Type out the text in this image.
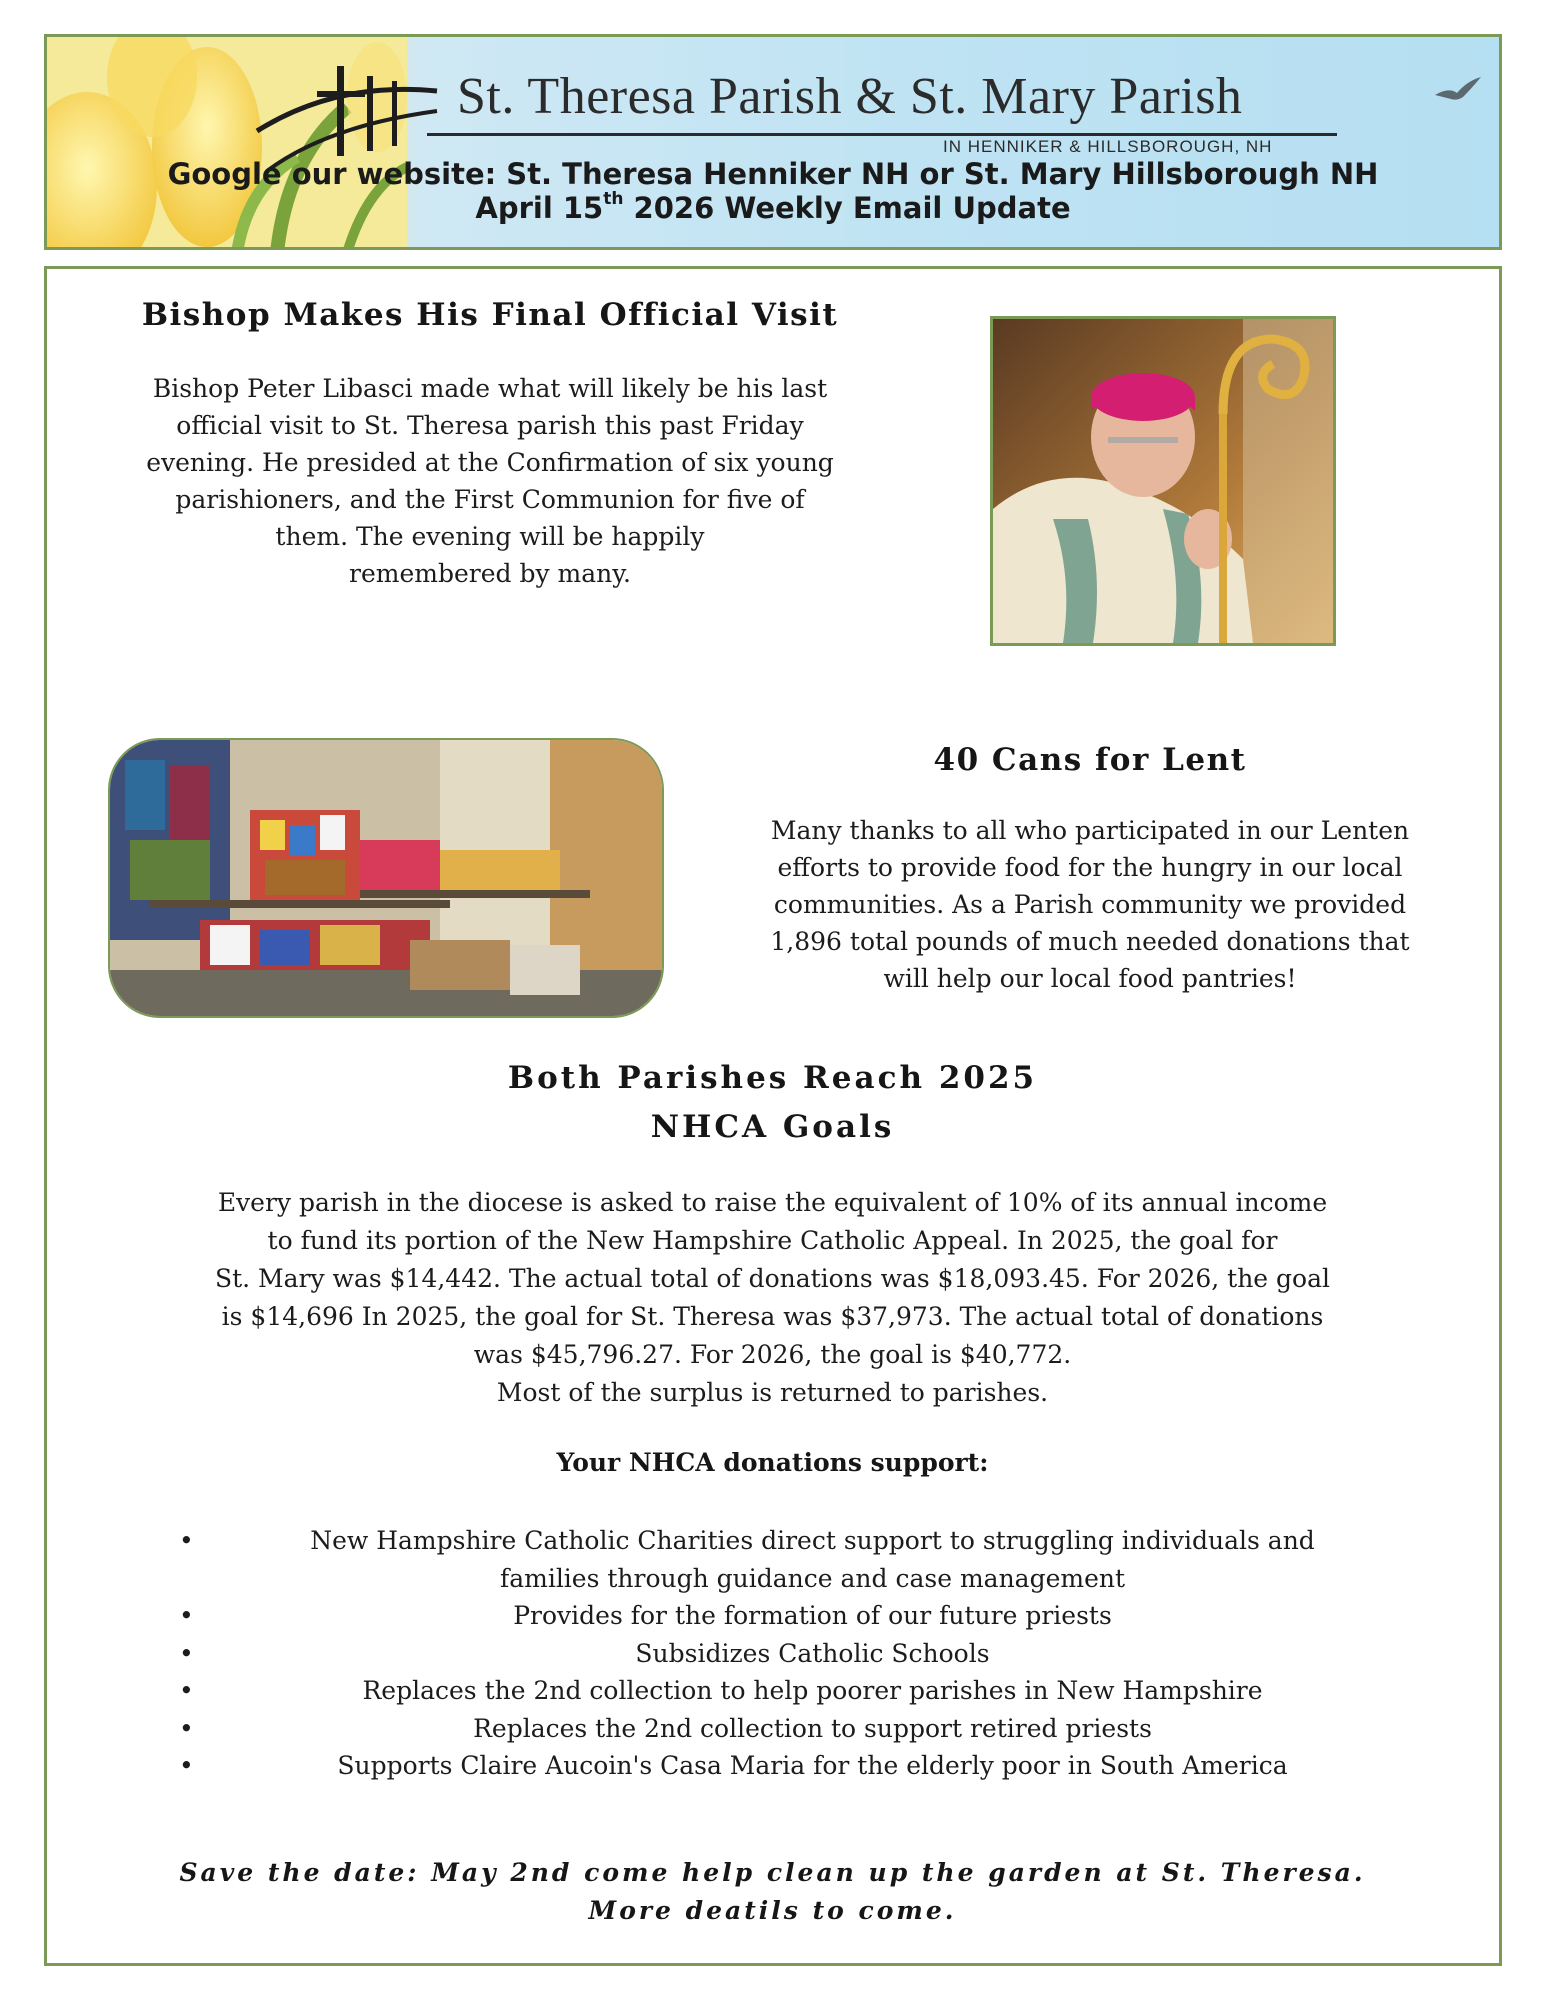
St. Theresa Parish & St. Mary Parish
IN HENNIKER & HILLSBOROUGH, NH
Google our website: St. Theresa Henniker NH or St. Mary Hillsborough NH
April 15th 2026 Weekly Email Update
Bishop Makes His Final Official Visit
Bishop Peter Libasci made what will likely be his last
official visit to St. Theresa parish this past Friday
evening. He presided at the Confirmation of six young
parishioners, and the First Communion for five of
them. The evening will be happily
remembered by many.
40 Cans for Lent
Many thanks to all who participated in our Lenten
efforts to provide food for the hungry in our local
communities. As a Parish community we provided
1,896 total pounds of much needed donations that
will help our local food pantries!
Both Parishes Reach 2025
NHCA Goals
Every parish in the diocese is asked to raise the equivalent of 10% of its annual income
to fund its portion of the New Hampshire Catholic Appeal. In 2025, the goal for
St. Mary was $14,442. The actual total of donations was $18,093.45. For 2026, the goal
is $14,696 In 2025, the goal for St. Theresa was $37,973. The actual total of donations
was $45,796.27. For 2026, the goal is $40,772.
Most of the surplus is returned to parishes.
Your NHCA donations support:
•	New Hampshire Catholic Charities direct support to struggling individuals and families through guidance and case management
•	Provides for the formation of our future priests
•	Subsidizes Catholic Schools
•	Replaces the 2nd collection to help poorer parishes in New Hampshire
•	Replaces the 2nd collection to support retired priests
•	Supports Claire Aucoin's Casa Maria for the elderly poor in South America
Save the date: May 2nd come help clean up the garden at St. Theresa.
More deatils to come.
